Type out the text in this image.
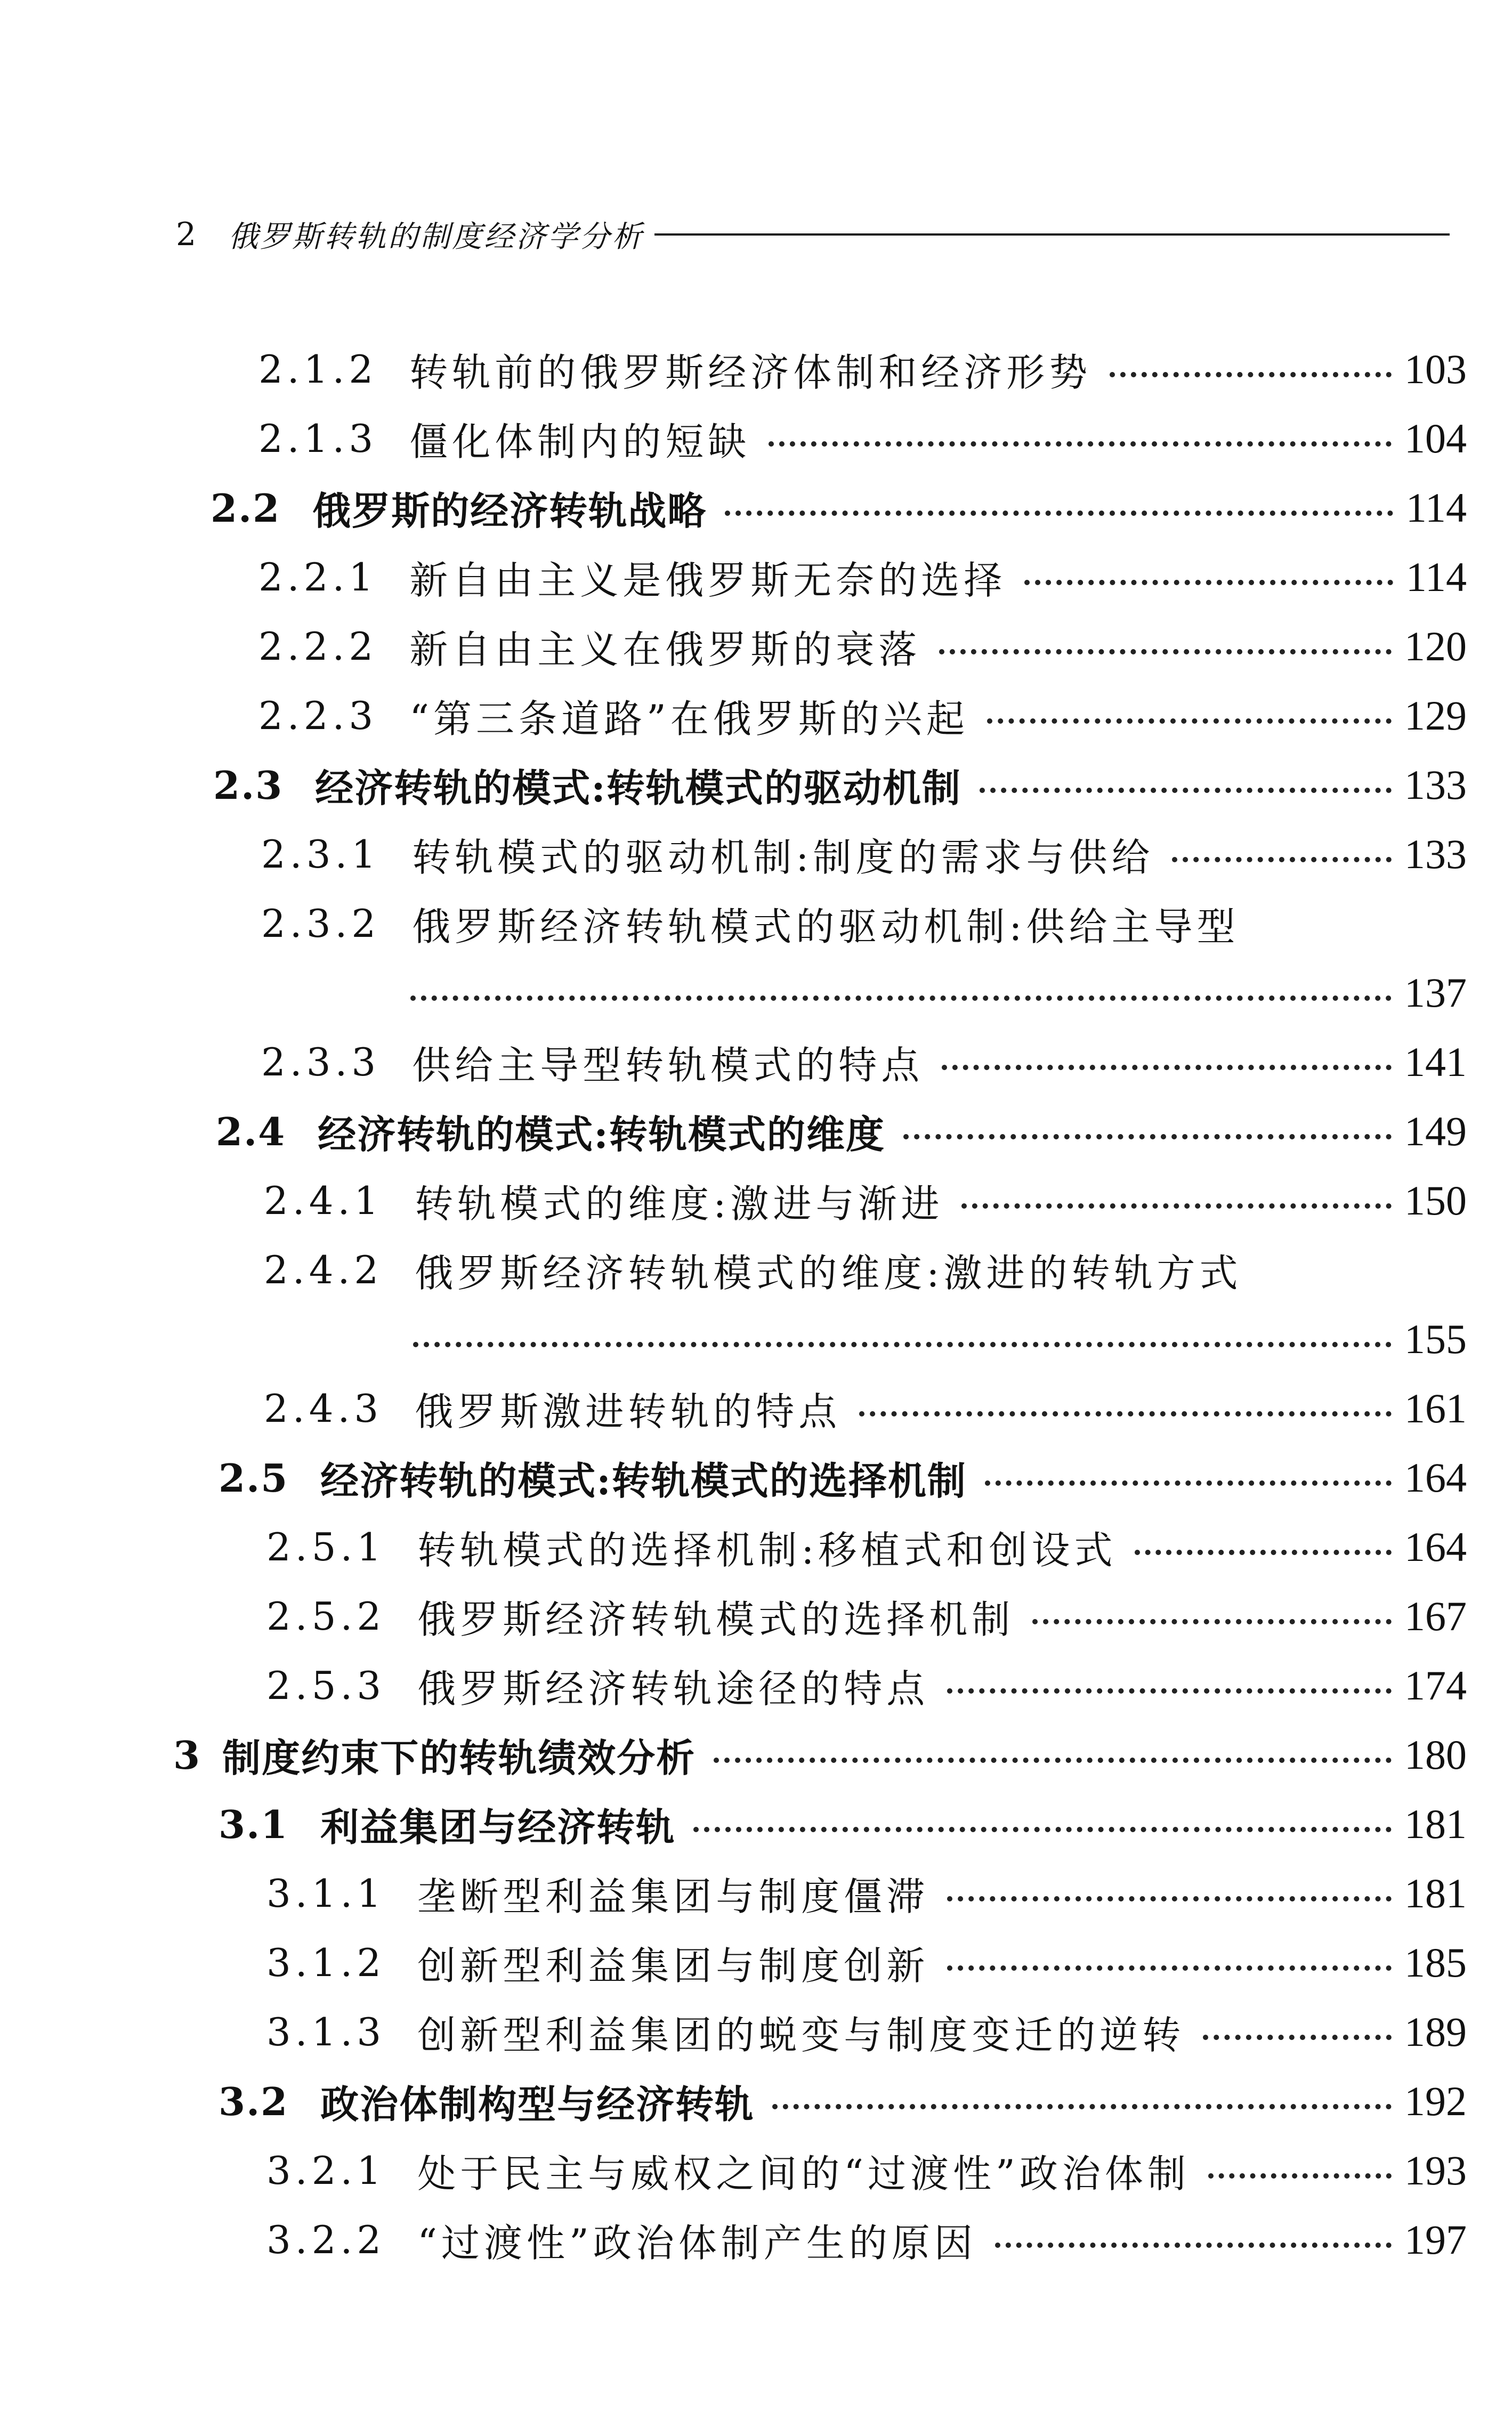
2 俄罗斯转轨的制度经济学分析
2.1.2 转轨前的俄罗斯经济体制和经济形势	103
2.1.3 僵化体制内的短缺	104
2.2 俄罗斯的经济转轨战略	114
2.2.1 新自由主义是俄罗斯无奈的选择	114
2.2.2 新自由主义在俄罗斯的衰落	120
2.2.3 “第三条道路”在俄罗斯的兴起	129
2.3 经济转轨的模式:转轨模式的驱动机制	133
2.3.1 转轨模式的驱动机制:制度的需求与供给	133
2.3.2 俄罗斯经济转轨模式的驱动机制:供给主导型
137
2.3.3 供给主导型转轨模式的特点	141
2.4 经济转轨的模式:转轨模式的维度	149
2.4.1 转轨模式的维度:激进与渐进	150
2.4.2 俄罗斯经济转轨模式的维度:激进的转轨方式
155
2.4.3 俄罗斯激进转轨的特点	161
2.5 经济转轨的模式:转轨模式的选择机制	164
2.5.1 转轨模式的选择机制:移植式和创设式	164
2.5.2 俄罗斯经济转轨模式的选择机制	167
2.5.3 俄罗斯经济转轨途径的特点	174
3 制度约束下的转轨绩效分析	180
3.1 利益集团与经济转轨	181
3.1.1 垄断型利益集团与制度僵滞	181
3.1.2 创新型利益集团与制度创新	185
3.1.3 创新型利益集团的蜕变与制度变迁的逆转	189
3.2 政治体制构型与经济转轨	192
3.2.1 处于民主与威权之间的“过渡性”政治体制	193
3.2.2 “过渡性”政治体制产生的原因	197
